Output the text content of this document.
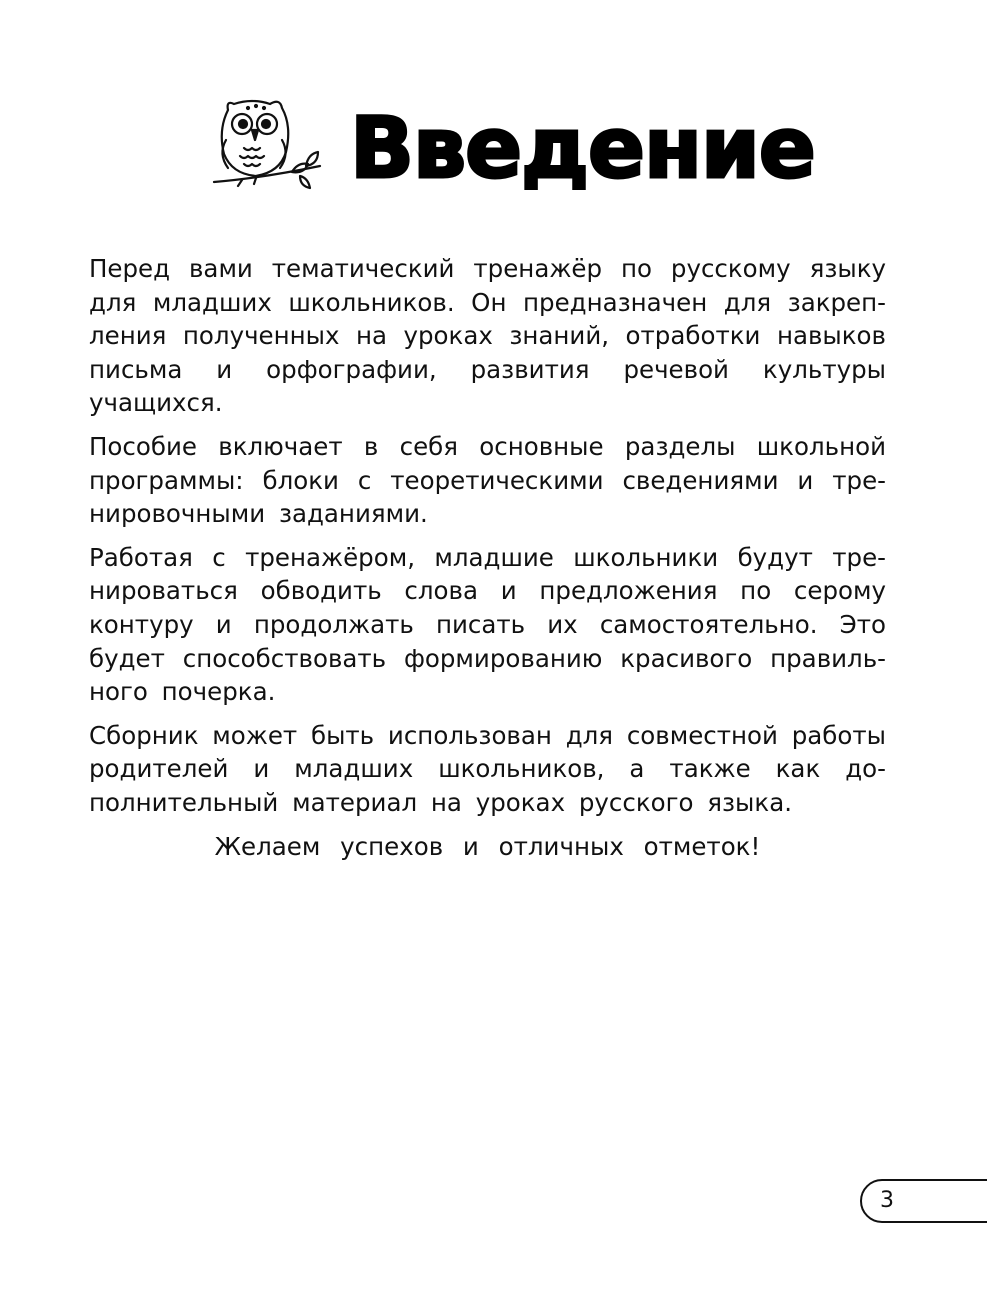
Введение

Перед вами тематический тренажёр по русскому языку для младших школьников. Он предназначен для закрепления полученных на уроках знаний, отработки навыков письма и орфографии, развития речевой культуры учащихся.

Пособие включает в себя основные разделы школьной программы: блоки с теоретическими сведениями и тренировочными заданиями.

Работая с тренажёром, младшие школьники будут тренироваться обводить слова и предложения по серому контуру и продолжать писать их самостоятельно. Это будет способствовать формированию красивого правильного почерка.

Сборник может быть использован для совместной работы родителей и младших школьников, а также как дополнительный материал на уроках русского языка.

Желаем успехов и отличных отметок!

3
